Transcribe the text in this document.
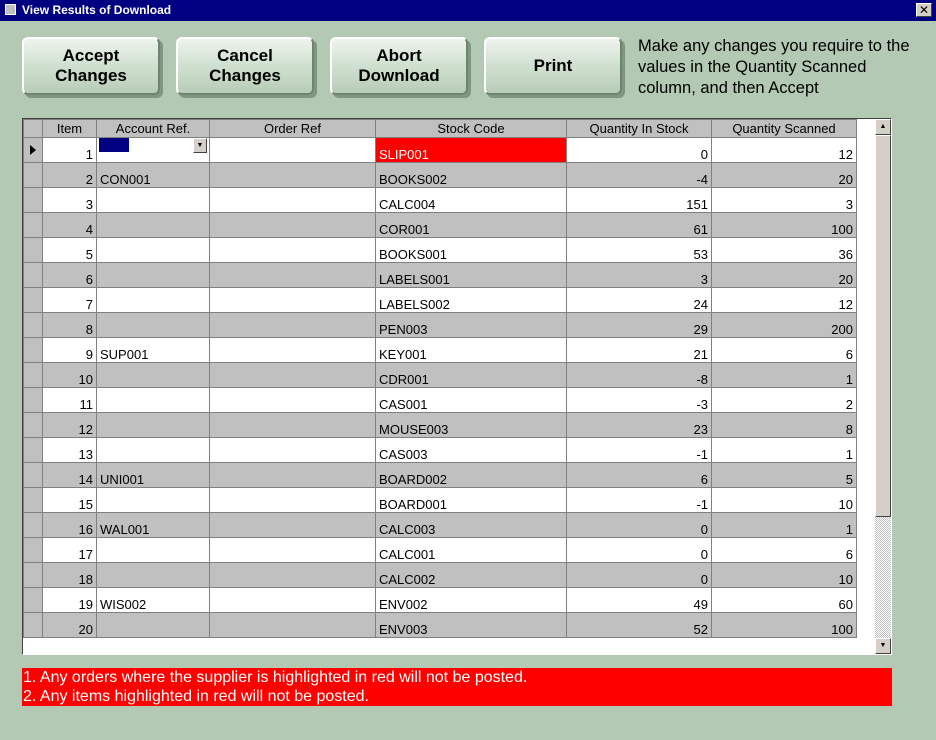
View Results of Download	✕
Accept
Changes
Cancel
Changes
Abort
Download
Print
Make any changes you require to the values in the Quantity Scanned column, and then Accept
	Item	Account Ref.	Order Ref	Stock Code	Quantity In Stock	Quantity Scanned
	1	▼		SLIP001	0	12
	2	CON001		BOOKS002	-4	20
	3			CALC004	151	3
	4			COR001	61	100
	5			BOOKS001	53	36
	6			LABELS001	3	20
	7			LABELS002	24	12
	8			PEN003	29	200
	9	SUP001		KEY001	21	6
	10			CDR001	-8	1
	11			CAS001	-3	2
	12			MOUSE003	23	8
	13			CAS003	-1	1
	14	UNI001		BOARD002	6	5
	15			BOARD001	-1	10
	16	WAL001		CALC003	0	1
	17			CALC001	0	6
	18			CALC002	0	10
	19	WIS002		ENV002	49	60
	20			ENV003	52	100
▲
▼
1. Any orders where the supplier is highlighted in red will not be posted.
2. Any items highlighted in red will not be posted.
